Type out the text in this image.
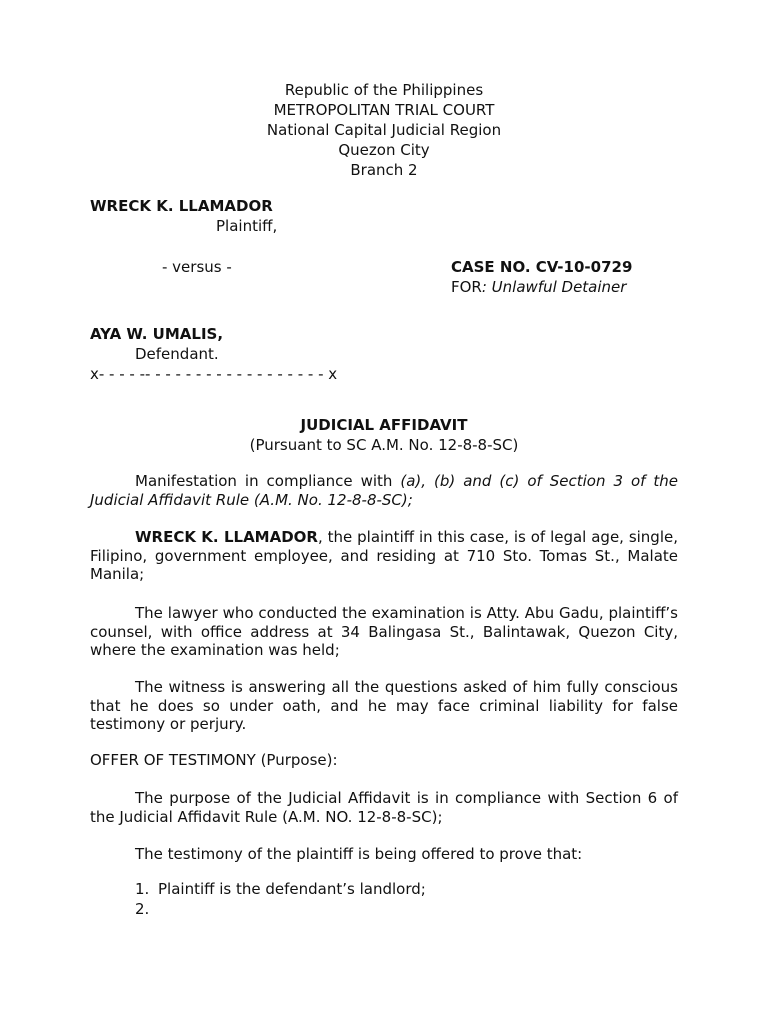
Republic of the Philippines
METROPOLITAN TRIAL COURT
National Capital Judicial Region
Quezon City
Branch 2
WRECK K. LLAMADOR
Plaintiff,
- versus -	CASE NO. CV-10-0729
FOR: Unlawful Detainer
AYA W. UMALIS,
Defendant.
x- - - - -- - - - - - - - - - - - - - - - - - x
JUDICIAL AFFIDAVIT
(Pursuant to SC A.M. No. 12-8-8-SC)
Manifestation in compliance with (a), (b) and (c) of Section 3 of the Judicial Affidavit Rule (A.M. No. 12-8-8-SC);
WRECK K. LLAMADOR, the plaintiff in this case, is of legal age, single, Filipino, government employee, and residing at 710 Sto. Tomas St., Malate Manila;
The lawyer who conducted the examination is Atty. Abu Gadu, plaintiff’s counsel, with office address at 34 Balingasa St., Balintawak, Quezon City, where the examination was held;
The witness is answering all the questions asked of him fully conscious that he does so under oath, and he may face criminal liability for false testimony or perjury.
OFFER OF TESTIMONY (Purpose):
The purpose of the Judicial Affidavit is in compliance with Section 6 of the Judicial Affidavit Rule (A.M. NO. 12-8-8-SC);
The testimony of the plaintiff is being offered to prove that:
1. Plaintiff is the defendant’s landlord;
2.
